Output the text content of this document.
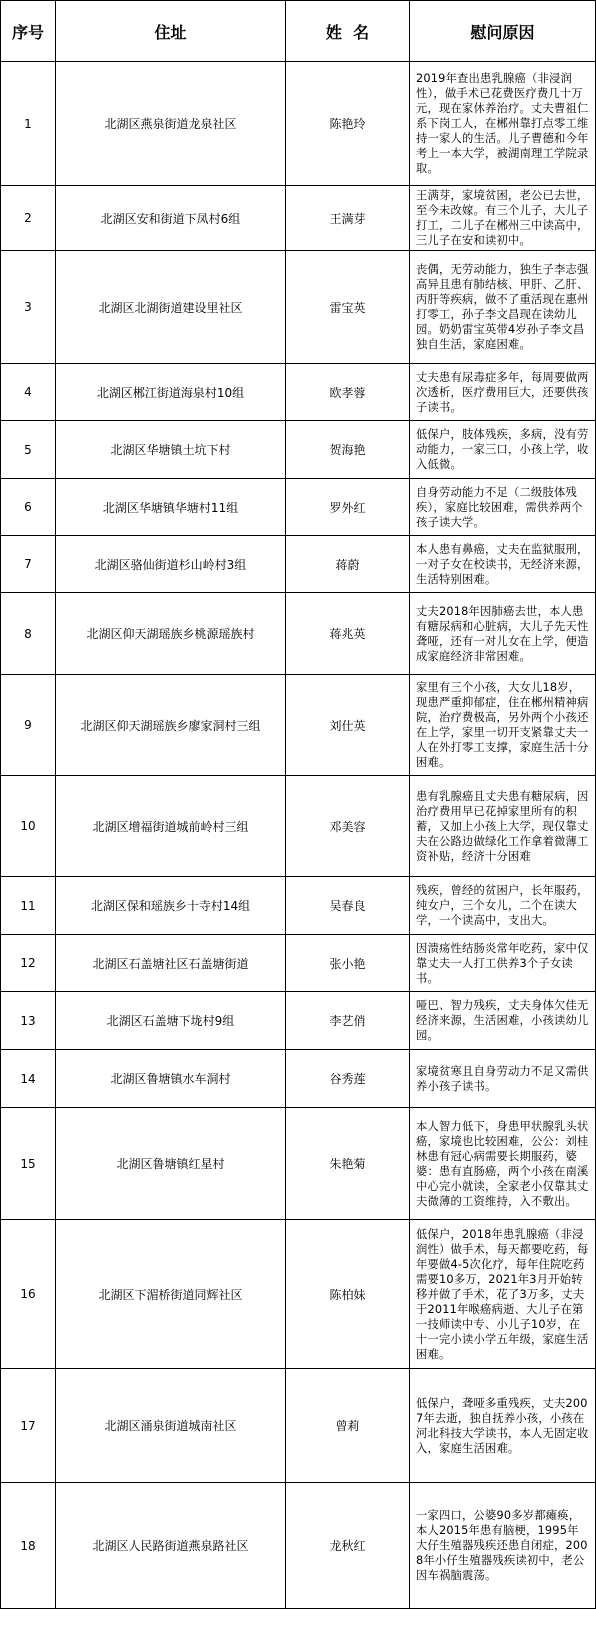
序号	住址	姓  名	慰问原因
1	北湖区燕泉街道龙泉社区	陈艳玲	2019年查出患乳腺癌（非浸润性），做手术已花费医疗费几十万元，现在家休养治疗。丈夫曹祖仁系下岗工人，在郴州靠打点零工维持一家人的生活。儿子曹德和今年考上一本大学，被湖南理工学院录取。
2	北湖区安和街道下凤村6组	王满芽	王满芽，家境贫困，老公已去世，至今未改嫁。有三个儿子，大儿子打工，二儿子在郴州三中读高中，三儿子在安和读初中。
3	北湖区北湖街道建设里社区	雷宝英	丧偶，无劳动能力，独生子李志强高异且患有肺结核、甲肝、乙肝、丙肝等疾病，做不了重活现在惠州打零工，孙子李文昌现在读幼儿园。奶奶雷宝英带4岁孙子李文昌独自生活，家庭困难。
4	北湖区郴江街道海泉村10组	欧孝蓉	丈夫患有尿毒症多年，每周要做两次透析，医疗费用巨大，还要供孩子读书。
5	北湖区华塘镇土坑下村	贺海艳	低保户，肢体残疾，多病，没有劳动能力，一家三口，小孩上学，收入低微。
6	北湖区华塘镇华塘村11组	罗外红	自身劳动能力不足（二级肢体残疾），家庭比较困难，需供养两个孩子读大学。
7	北湖区骆仙街道杉山岭村3组	蒋蔚	本人患有鼻癌，丈夫在监狱服刑，一对子女在校读书，无经济来源，生活特别困难。
8	北湖区仰天湖瑶族乡桃源瑶族村	蒋兆英	丈夫2018年因肺癌去世，本人患有糖尿病和心脏病，大儿子先天性聋哑，还有一对儿女在上学，便造成家庭经济非常困难。
9	北湖区仰天湖瑶族乡廖家洞村三组	刘仕英	家里有三个小孩，大女儿18岁，现患严重抑郁症，住在郴州精神病院，治疗费极高，另外两个小孩还在上学，家里一切开支紧靠丈夫一人在外打零工支撑，家庭生活十分困难。
10	北湖区增福街道城前岭村三组	邓美容	患有乳腺癌且丈夫患有糖尿病，因治疗费用早已花掉家里所有的积蓄，又加上小孩上大学，现仅靠丈夫在公路边做绿化工作拿着微薄工资补贴，经济十分困难
11	北湖区保和瑶族乡十寺村14组	吴春良	残疾，曾经的贫困户，长年服药，纯女户，三个女儿，二个在读大学，一个读高中，支出大。
12	北湖区石盖塘社区石盖塘街道	张小艳	因溃疡性结肠炎常年吃药，家中仅靠丈夫一人打工供养3个子女读书。
13	北湖区石盖塘下垅村9组	李艺俏	哑巴、智力残疾，丈夫身体欠佳无经济来源，生活困难，小孩读幼儿园。
14	北湖区鲁塘镇水车洞村	谷秀莲	家境贫寒且自身劳动力不足又需供养小孩子读书。
15	北湖区鲁塘镇红星村	朱艳菊	本人智力低下，身患甲状腺乳头状癌，家境也比较困难，公公：刘桂林患有冠心病需要长期服药，婆婆：患有直肠癌，两个小孩在南溪中心完小就读，全家老小仅靠其丈夫微薄的工资维持，入不敷出。
16	北湖区下湄桥街道同辉社区	陈柏妹	低保户，2018年患乳腺癌（非浸润性）做手术，每天都要吃药，每年要做4-5次化疗，每年住院吃药需要10多万，2021年3月开始转移并做了手术，花了3万多，丈夫于2011年喉癌病逝、大儿子在第一技师读中专、小儿子10岁，在十一完小读小学五年级，家庭生活困难。
17	北湖区涌泉街道城南社区	曾莉	低保户，聋哑多重残疾，丈夫2007年去逝，独自抚养小孩，小孩在河北科技大学读书，本人无固定收入，家庭生活困难。
18	北湖区人民路街道燕泉路社区	龙秋红	一家四口，公婆90多岁都瘫痪，本人2015年患有脑梗，1995年大仔生殖器残疾还患自闭症，2008年小仔生殖器残疾读初中，老公因车祸脑震荡。
